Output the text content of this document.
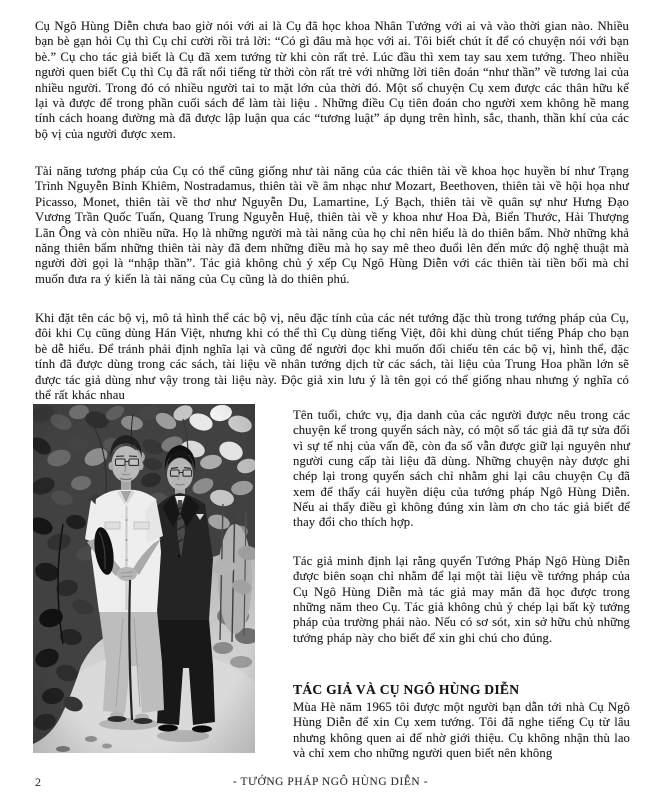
Cụ Ngô Hùng Diễn chưa bao giờ nói với ai là Cụ đã học khoa Nhân Tướng với ai và vào thời gian nào. Nhiều bạn bè gạn hỏi Cụ thì Cụ chỉ cười rồi trả lời: “Có gì đâu mà học với ai. Tôi biết chút ít để có chuyện nói với bạn bè.” Cụ cho tác giả biết là Cụ đã xem tướng từ khi còn rất trẻ. Lúc đầu thì xem tay sau xem tướng. Theo nhiều người quen biết Cụ thì Cụ đã rất nổi tiếng từ thời còn rất trẻ với những lời tiên đoán “như thần” về tương lai của nhiều người. Trong đó có nhiều người tai to mặt lớn của thời đó. Một số chuyện Cụ xem được các thân hữu kể lại và được để trong phần cuối sách để làm tài liệu . Những điều Cụ tiên đoán cho người xem không hề mang tính cách hoang đường mà đã được lập luận qua các “tương luật” áp dụng trên hình, sắc, thanh, thần khí của các bộ vị của người được xem.

Tài năng tương pháp của Cụ có thể cũng giống như tài năng của các thiên tài về khoa học huyền bí như Trạng Trình Nguyễn Bỉnh Khiêm, Nostradamus, thiên tài về âm nhạc như Mozart, Beethoven, thiên tài về hội họa như Picasso, Monet, thiên tài về thơ như Nguyễn Du, Lamartine, Lý Bạch, thiên tài về quân sự như Hưng Đạo Vương Trần Quốc Tuấn, Quang Trung Nguyễn Huệ, thiên tài về y khoa như Hoa Đà, Biển Thước, Hải Thượng Lãn Ông và còn nhiều nữa. Họ là những người mà tài năng của họ chỉ nên hiểu là do thiên bẩm. Nhờ những khả năng thiên bẩm những thiên tài này đã đem những điều mà họ say mê theo đuổi lên đến mức độ nghệ thuật mà người đời gọi là “nhập thần”. Tác giả không chủ ý xếp Cụ Ngô Hùng Diễn với các thiên tài tiền bối mà chỉ muốn đưa ra ý kiến là tài năng của Cụ cũng là do thiên phú.

Khi đặt tên các bộ vị, mô tả hình thể các bộ vị, nêu đặc tính của các nét tướng đặc thù trong tướng pháp của Cụ, đôi khi Cụ cũng dùng Hán Việt, nhưng khi có thể thì Cụ dùng tiếng Việt, đôi khi dùng chút tiếng Pháp cho bạn bè dễ hiểu. Để tránh phải định nghĩa lại và cũng để người đọc khi muốn đối chiếu tên các bộ vị, hình thể, đặc tính đã được dùng trong các sách, tài liệu về nhân tướng dịch từ các sách, tài liệu của Trung Hoa phần lớn sẽ được tác giả dùng như vậy trong tài liệu này. Độc giả xin lưu ý là tên gọi có thể giống nhau nhưng ý nghĩa có thể rất khác nhau

Tên tuổi, chức vụ, địa danh của các người được nêu trong các chuyện kể trong quyển sách này, có một số tác giả đã tự sửa đổi vì sự tế nhị của vấn đề, còn đa số vẫn được giữ lại nguyên như người cung cấp tài liệu đã dùng. Những chuyện này được ghi chép lại trong quyển sách chỉ nhằm ghi lại câu chuyện Cụ đã xem để thấy cái huyền diệu của tướng pháp Ngô Hùng Diễn. Nếu ai thấy điều gì không đúng xin làm ơn cho tác giả biết để thay đổi cho thích hợp.

Tác giả minh định lại rằng quyển Tướng Pháp Ngô Hùng Diễn được biên soạn chỉ nhằm để lại một tài liệu về tướng pháp của Cụ Ngô Hùng Diễn mà tác giả may mắn đã học được trong những năm theo Cụ. Tác giả không chủ ý chép lại bất kỳ tướng pháp của trường phái nào. Nếu có sơ sót, xin sở hữu chủ những tướng pháp này cho biết để xin ghi chú cho đúng.

TÁC GIẢ VÀ CỤ NGÔ HÙNG DIỄN

Mùa Hè năm 1965 tôi được một người bạn dẫn tới nhà Cụ Ngô Hùng Diễn để xin Cụ xem tướng. Tôi đã nghe tiếng Cụ từ lâu nhưng không quen ai để nhờ giới thiệu. Cụ không nhận thù lao và chỉ xem cho những người quen biết nên không

2	- TƯỚNG PHÁP NGÔ HÙNG DIỄN -
